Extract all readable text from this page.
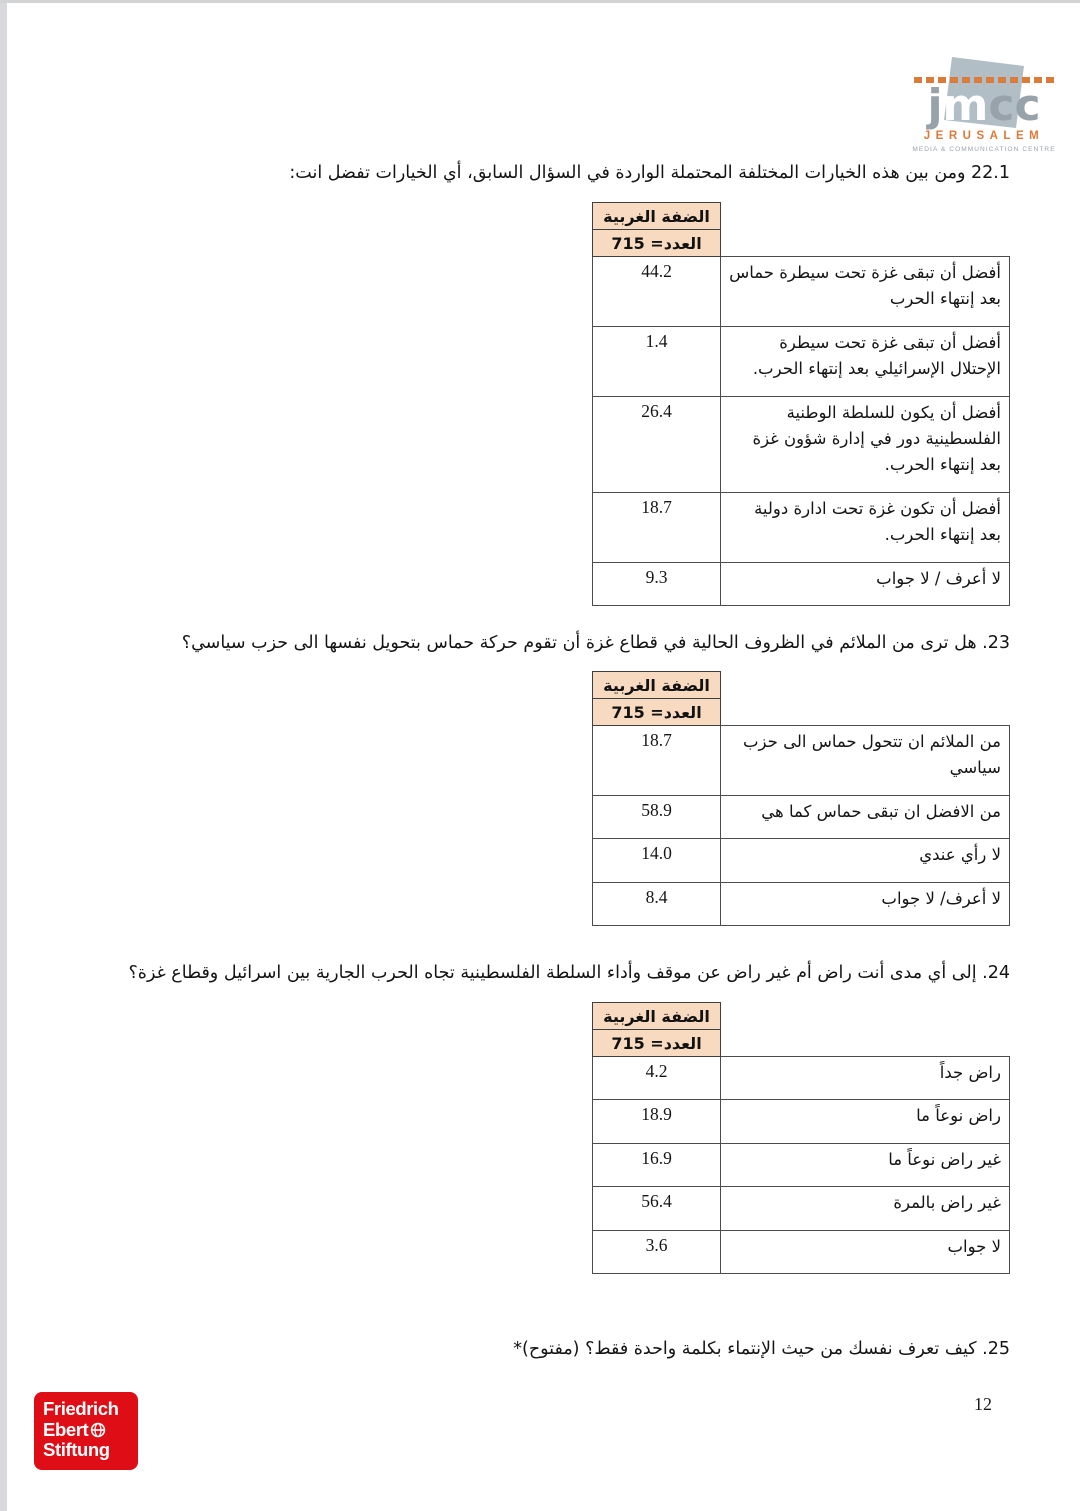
jmcc
JERUSALEM
MEDIA & COMMUNICATION CENTRE
22.1 ومن بين هذه الخيارات المختلفة المحتملة الواردة في السؤال السابق، أي الخيارات تفضل انت:
الضفة الغربية	
العدد= 715	
44.2	أفضل أن تبقى غزة تحت سيطرة حماس بعد إنتهاء الحرب
1.4	أفضل أن تبقى غزة تحت سيطرة الإحتلال الإسرائيلي بعد إنتهاء الحرب.
26.4	أفضل أن يكون للسلطة الوطنية الفلسطينية دور في إدارة شؤون غزة بعد إنتهاء الحرب.
18.7	أفضل أن تكون غزة تحت ادارة دولية بعد إنتهاء الحرب.
9.3	لا أعرف / لا جواب
23. هل ترى من الملائم في الظروف الحالية في قطاع غزة أن تقوم حركة حماس بتحويل نفسها الى حزب سياسي؟
الضفة الغربية	
العدد= 715	
18.7	من الملائم ان تتحول حماس الى حزب سياسي
58.9	من الافضل ان تبقى حماس كما هي
14.0	لا رأي عندي
8.4	لا أعرف/ لا جواب
24. إلى أي مدى أنت راض أم غير راض عن موقف وأداء السلطة الفلسطينية تجاه الحرب الجارية بين اسرائيل وقطاع غزة؟
الضفة الغربية	
العدد= 715	
4.2	راض جداً
18.9	راض نوعاً ما
16.9	غير راض نوعاً ما
56.4	غير راض بالمرة
3.6	لا جواب
25. كيف تعرف نفسك من حيث الإنتماء بكلمة واحدة فقط؟ (مفتوح)*
Friedrich
Ebert
Stiftung
12
